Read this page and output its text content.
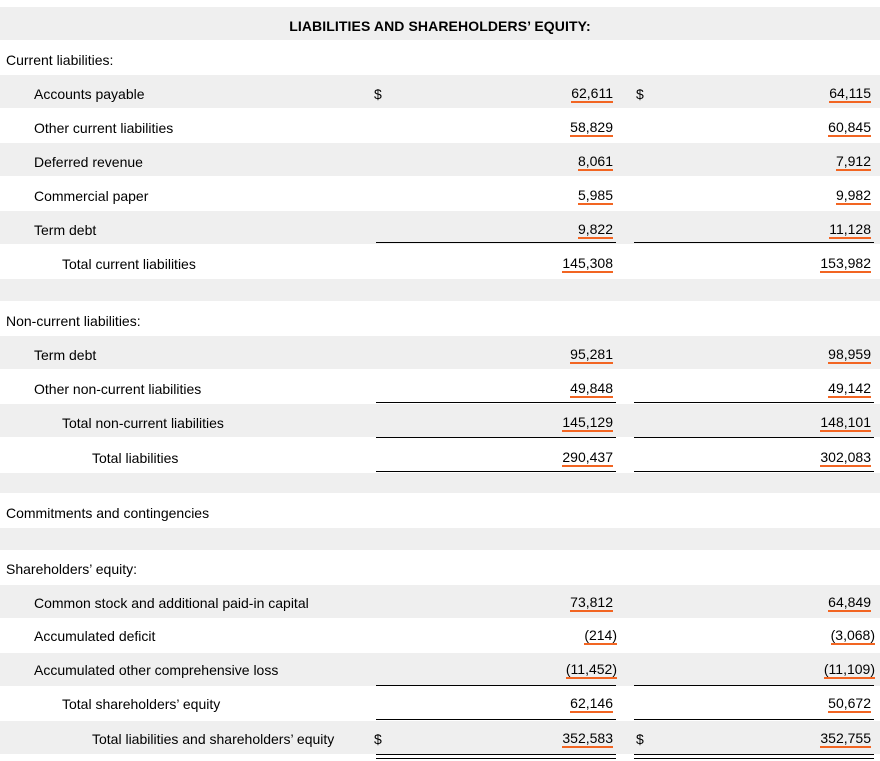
LIABILITIES AND SHAREHOLDERS’ EQUITY:
Current liabilities:
Accounts payable	$	62,611 $	64,115
Other current liabilities	58,829	60,845
Deferred revenue	8,061	7,912
Commercial paper	5,985	9,982
Term debt	9,822	11,128
Total current liabilities	145,308	153,982
Non-current liabilities:
Term debt	95,281	98,959
Other non-current liabilities	49,848	49,142
Total non-current liabilities	145,129	148,101
Total liabilities	290,437	302,083
Commitments and contingencies
Shareholders’ equity:
Common stock and additional paid-in capital	73,812	64,849
Accumulated deficit	(214)	(3,068)
Accumulated other comprehensive loss	(11,452)	(11,109)
Total shareholders’ equity	62,146	50,672
Total liabilities and shareholders’ equity	$	352,583 $	352,755
